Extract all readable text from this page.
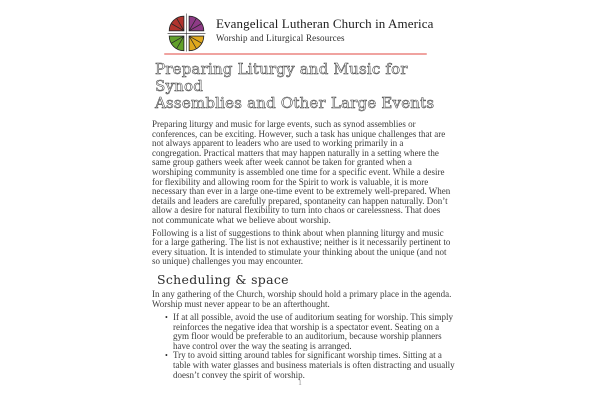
Evangelical Lutheran Church in America
Worship and Liturgical Resources
Preparing Liturgy and Music for Synod
Assemblies and Other Large Events
Preparing liturgy and music for large events, such as synod assemblies or conferences, can be exciting. However, such a task has unique challenges that are not always apparent to leaders who are used to working primarily in a congregation. Practical matters that may happen naturally in a setting where the same group gathers week after week cannot be taken for granted when a worshiping community is assembled one time for a specific event. While a desire for flexibility and allowing room for the Spirit to work is valuable, it is more necessary than ever in a large one-time event to be extremely well-prepared. When details and leaders are carefully prepared, spontaneity can happen naturally. Don’t allow a desire for natural flexibility to turn into chaos or carelessness. That does not communicate what we believe about worship.
Following is a list of suggestions to think about when planning liturgy and music for a large gathering. The list is not exhaustive; neither is it necessarily pertinent to every situation. It is intended to stimulate your thinking about the unique (and not so unique) challenges you may encounter.
Scheduling & space
In any gathering of the Church, worship should hold a primary place in the agenda. Worship must never appear to be an afterthought.
• If at all possible, avoid the use of auditorium seating for worship. This simply reinforces the negative idea that worship is a spectator event. Seating on a gym floor would be preferable to an auditorium, because worship planners have control over the way the seating is arranged.
• Try to avoid sitting around tables for significant worship times. Sitting at a table with water glasses and business materials is often distracting and usually doesn’t convey the spirit of worship.
1
